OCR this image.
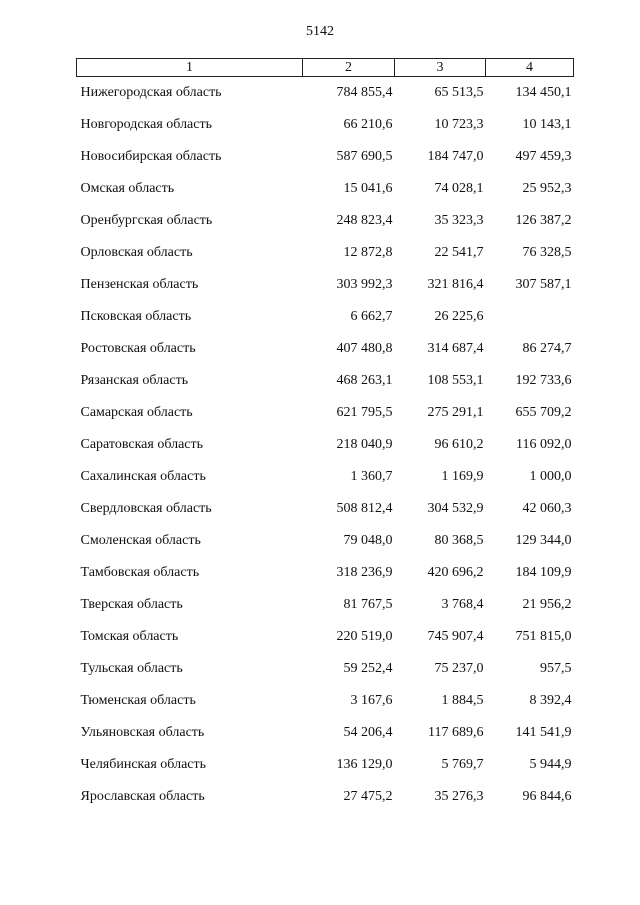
5142
1	2	3	4
Нижегородская область	784 855,4	65 513,5	134 450,1
Новгородская область	66 210,6	10 723,3	10 143,1
Новосибирская область	587 690,5	184 747,0	497 459,3
Омская область	15 041,6	74 028,1	25 952,3
Оренбургская область	248 823,4	35 323,3	126 387,2
Орловская область	12 872,8	22 541,7	76 328,5
Пензенская область	303 992,3	321 816,4	307 587,1
Псковская область	6 662,7	26 225,6	
Ростовская область	407 480,8	314 687,4	86 274,7
Рязанская область	468 263,1	108 553,1	192 733,6
Самарская область	621 795,5	275 291,1	655 709,2
Саратовская область	218 040,9	96 610,2	116 092,0
Сахалинская область	1 360,7	1 169,9	1 000,0
Свердловская область	508 812,4	304 532,9	42 060,3
Смоленская область	79 048,0	80 368,5	129 344,0
Тамбовская область	318 236,9	420 696,2	184 109,9
Тверская область	81 767,5	3 768,4	21 956,2
Томская область	220 519,0	745 907,4	751 815,0
Тульская область	59 252,4	75 237,0	957,5
Тюменская область	3 167,6	1 884,5	8 392,4
Ульяновская область	54 206,4	117 689,6	141 541,9
Челябинская область	136 129,0	5 769,7	5 944,9
Ярославская область	27 475,2	35 276,3	96 844,6
